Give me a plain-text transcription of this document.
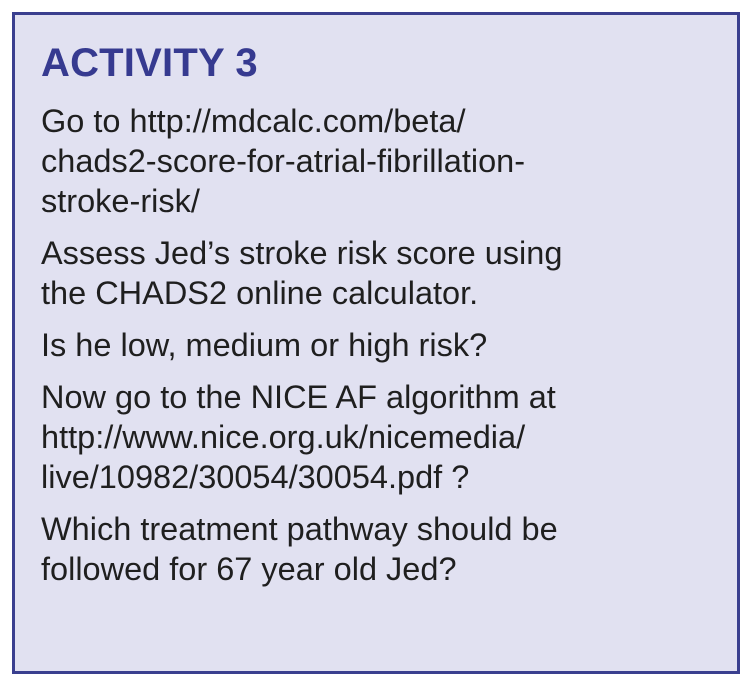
ACTIVITY 3
Go to http://mdcalc.com/beta/
chads2-score-for-atrial-fibrillation-
stroke-risk/
Assess Jed’s stroke risk score using
the CHADS2 online calculator.
Is he low, medium or high risk?
Now go to the NICE AF algorithm at
http://www.nice.org.uk/nicemedia/
live/10982/30054/30054.pdf ?
Which treatment pathway should be
followed for 67 year old Jed?
